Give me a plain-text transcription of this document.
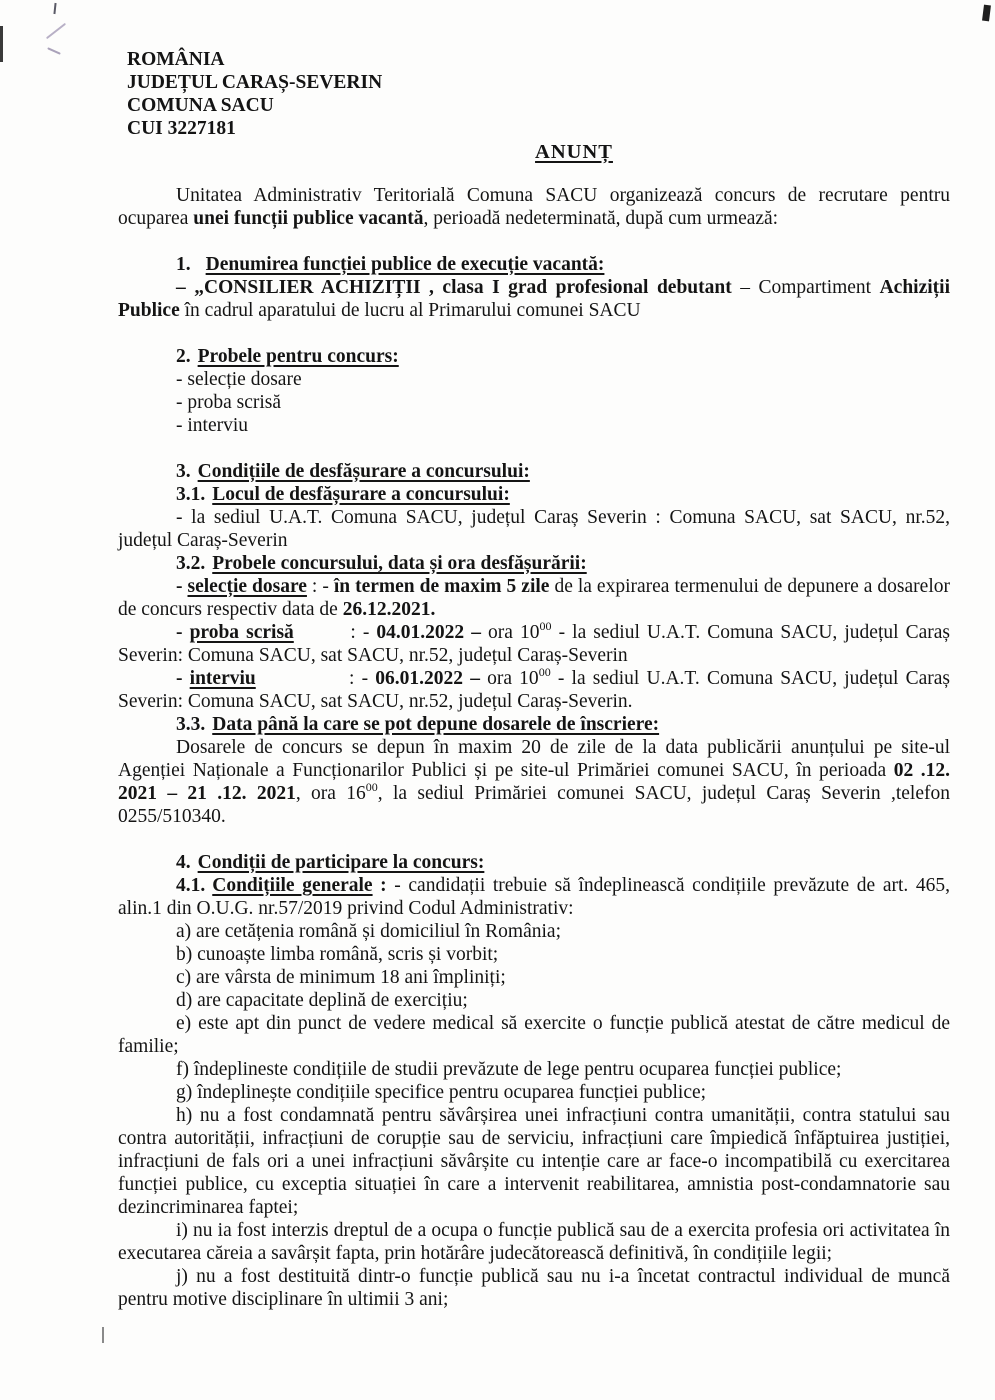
ROMÂNIA

JUDEȚUL CARAȘ-SEVERIN

COMUNA SACU

CUI 3227181

ANUNȚ

Unitatea Administrativ Teritorială Comuna SACU organizează concurs de recrutare pentru ocuparea unei funcții publice vacantă, perioadă nedeterminată, după cum urmează:

1. Denumirea funcției publice de execuție vacantă:

– „CONSILIER ACHIZIȚII , clasa I grad profesional debutant – Compartiment Achiziții Publice în cadrul aparatului de lucru al Primarului comunei SACU

2. Probele pentru concurs:

- selecție dosare

- proba scrisă

- interviu

3. Condițiile de desfășurare a concursului:

3.1. Locul de desfășurare a concursului:

- la sediul U.A.T. Comuna SACU, județul Caraș Severin : Comuna SACU, sat SACU, nr.52, județul Caraș-Severin

3.2. Probele concursului, data și ora desfășurării:

- selecție dosare : - în termen de maxim 5 zile de la expirarea termenului de depunere a dosarelor de concurs respectiv data de 26.12.2021.

- proba scrisă        : - 04.01.2022 – ora $10^{00}$ - la sediul U.A.T. Comuna SACU, județul Caraș Severin: Comuna SACU, sat SACU, nr.52, județul Caraș-Severin

- interviu             : - 06.01.2022 – ora $10^{00}$ - la sediul U.A.T. Comuna SACU, județul Caraș Severin: Comuna SACU, sat SACU, nr.52, județul Caraș-Severin.

3.3. Data până la care se pot depune dosarele de înscriere:

Dosarele de concurs se depun în maxim 20 de zile de la data publicării anunțului pe site-ul Agenției Naționale a Funcționarilor Publici și pe site-ul Primăriei comunei SACU, în perioada 02 .12. 2021 – 21 .12. 2021, ora $16^{00}$, la sediul Primăriei comunei SACU, județul Caraș Severin ,telefon 0255/510340.

4. Condiții de participare la concurs:

4.1. Condițiile generale : - candidații trebuie să îndeplinească condițiile prevăzute de art. 465, alin.1 din O.U.G. nr.57/2019 privind Codul Administrativ:

a) are cetățenia română și domiciliul în România;

b) cunoaște limba română, scris și vorbit;

c) are vârsta de minimum 18 ani împliniți;

d) are capacitate deplină de exercițiu;

e) este apt din punct de vedere medical să exercite o funcție publică atestat de către medicul de familie;

f) îndeplineste condițiile de studii prevăzute de lege pentru ocuparea funcției publice;

g) îndeplinește condițiile specifice pentru ocuparea funcției publice;

h) nu a fost condamnată pentru săvârșirea unei infracțiuni contra umanității, contra statului sau contra autorității, infracțiuni de corupție sau de serviciu, infracțiuni care împiedică înfăptuirea justiției, infracțiuni de fals ori a unei infracțiuni săvârșite cu intenție care ar face-o incompatibilă cu exercitarea funcției publice, cu exceptia situației în care a intervenit reabilitarea, amnistia post-condamnatorie sau dezincriminarea faptei;

i) nu ia fost interzis dreptul de a ocupa o funcție publică sau de a exercita profesia ori activitatea în executarea căreia a savârșit fapta, prin hotărâre judecătorească definitivă, în condițiile legii;

j) nu a fost destituită dintr-o funcție publică sau nu i-a încetat contractul individual de muncă pentru motive disciplinare în ultimii 3 ani;
